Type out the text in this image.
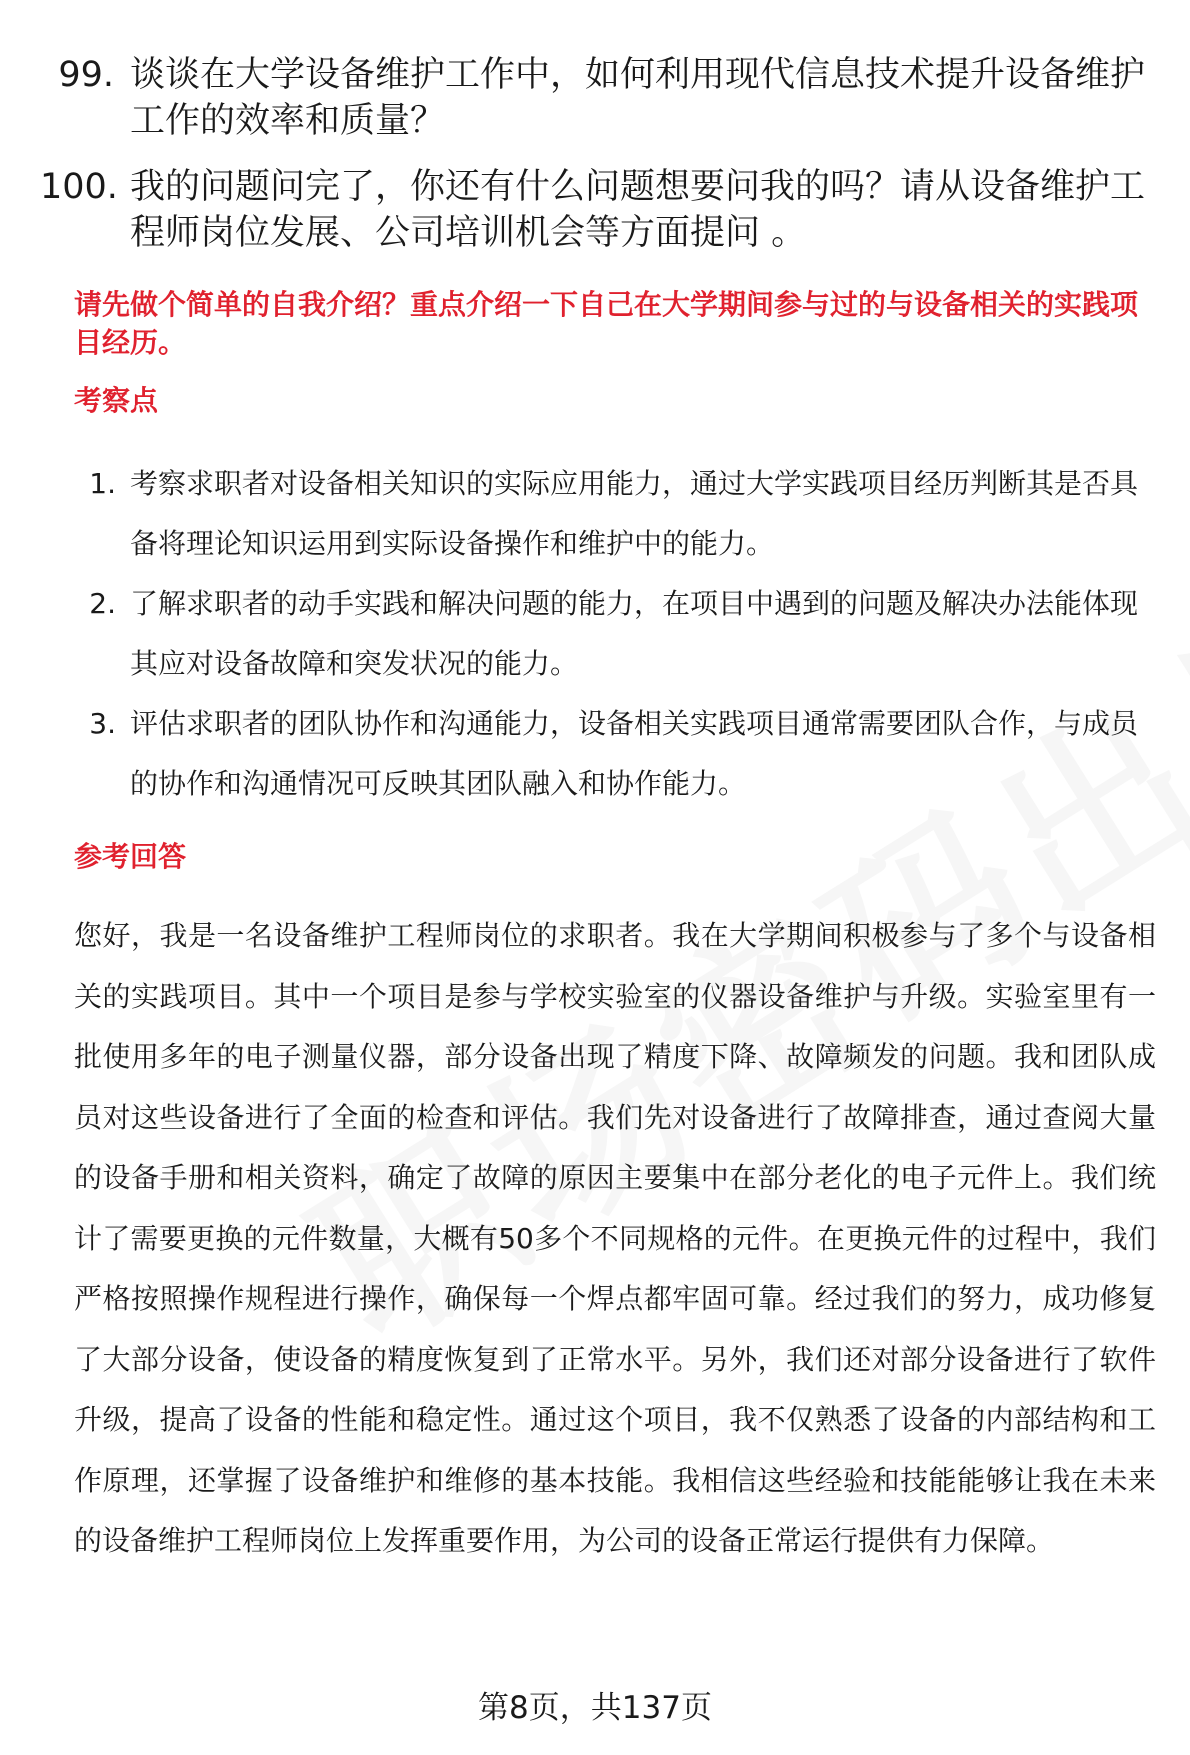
99. 谈谈在大学设备维护工作中，如何利用现代信息技术提升设备维护工作的效率和质量？
100. 我的问题问完了，你还有什么问题想要问我的吗？请从设备维护工程师岗位发展、公司培训机会等方面提问 。
请先做个简单的自我介绍？重点介绍一下自己在大学期间参与过的与设备相关的实践项目经历。
考察点
1. 考察求职者对设备相关知识的实际应用能力，通过大学实践项目经历判断其是否具备将理论知识运用到实际设备操作和维护中的能力。
2. 了解求职者的动手实践和解决问题的能力，在项目中遇到的问题及解决办法能体现其应对设备故障和突发状况的能力。
3. 评估求职者的团队协作和沟通能力，设备相关实践项目通常需要团队合作，与成员的协作和沟通情况可反映其团队融入和协作能力。
参考回答
您好，我是一名设备维护工程师岗位的求职者。我在大学期间积极参与了多个与设备相关的实践项目。其中一个项目是参与学校实验室的仪器设备维护与升级。实验室里有一批使用多年的电子测量仪器，部分设备出现了精度下降、故障频发的问题。我和团队成员对这些设备进行了全面的检查和评估。我们先对设备进行了故障排查，通过查阅大量的设备手册和相关资料，确定了故障的原因主要集中在部分老化的电子元件上。我们统计了需要更换的元件数量，大概有50多个不同规格的元件。在更换元件的过程中，我们严格按照操作规程进行操作，确保每一个焊点都牢固可靠。经过我们的努力，成功修复了大部分设备，使设备的精度恢复到了正常水平。另外，我们还对部分设备进行了软件升级，提高了设备的性能和稳定性。通过这个项目，我不仅熟悉了设备的内部结构和工作原理，还掌握了设备维护和维修的基本技能。我相信这些经验和技能能够让我在未来的设备维护工程师岗位上发挥重要作用，为公司的设备正常运行提供有力保障。
第8页，共137页
